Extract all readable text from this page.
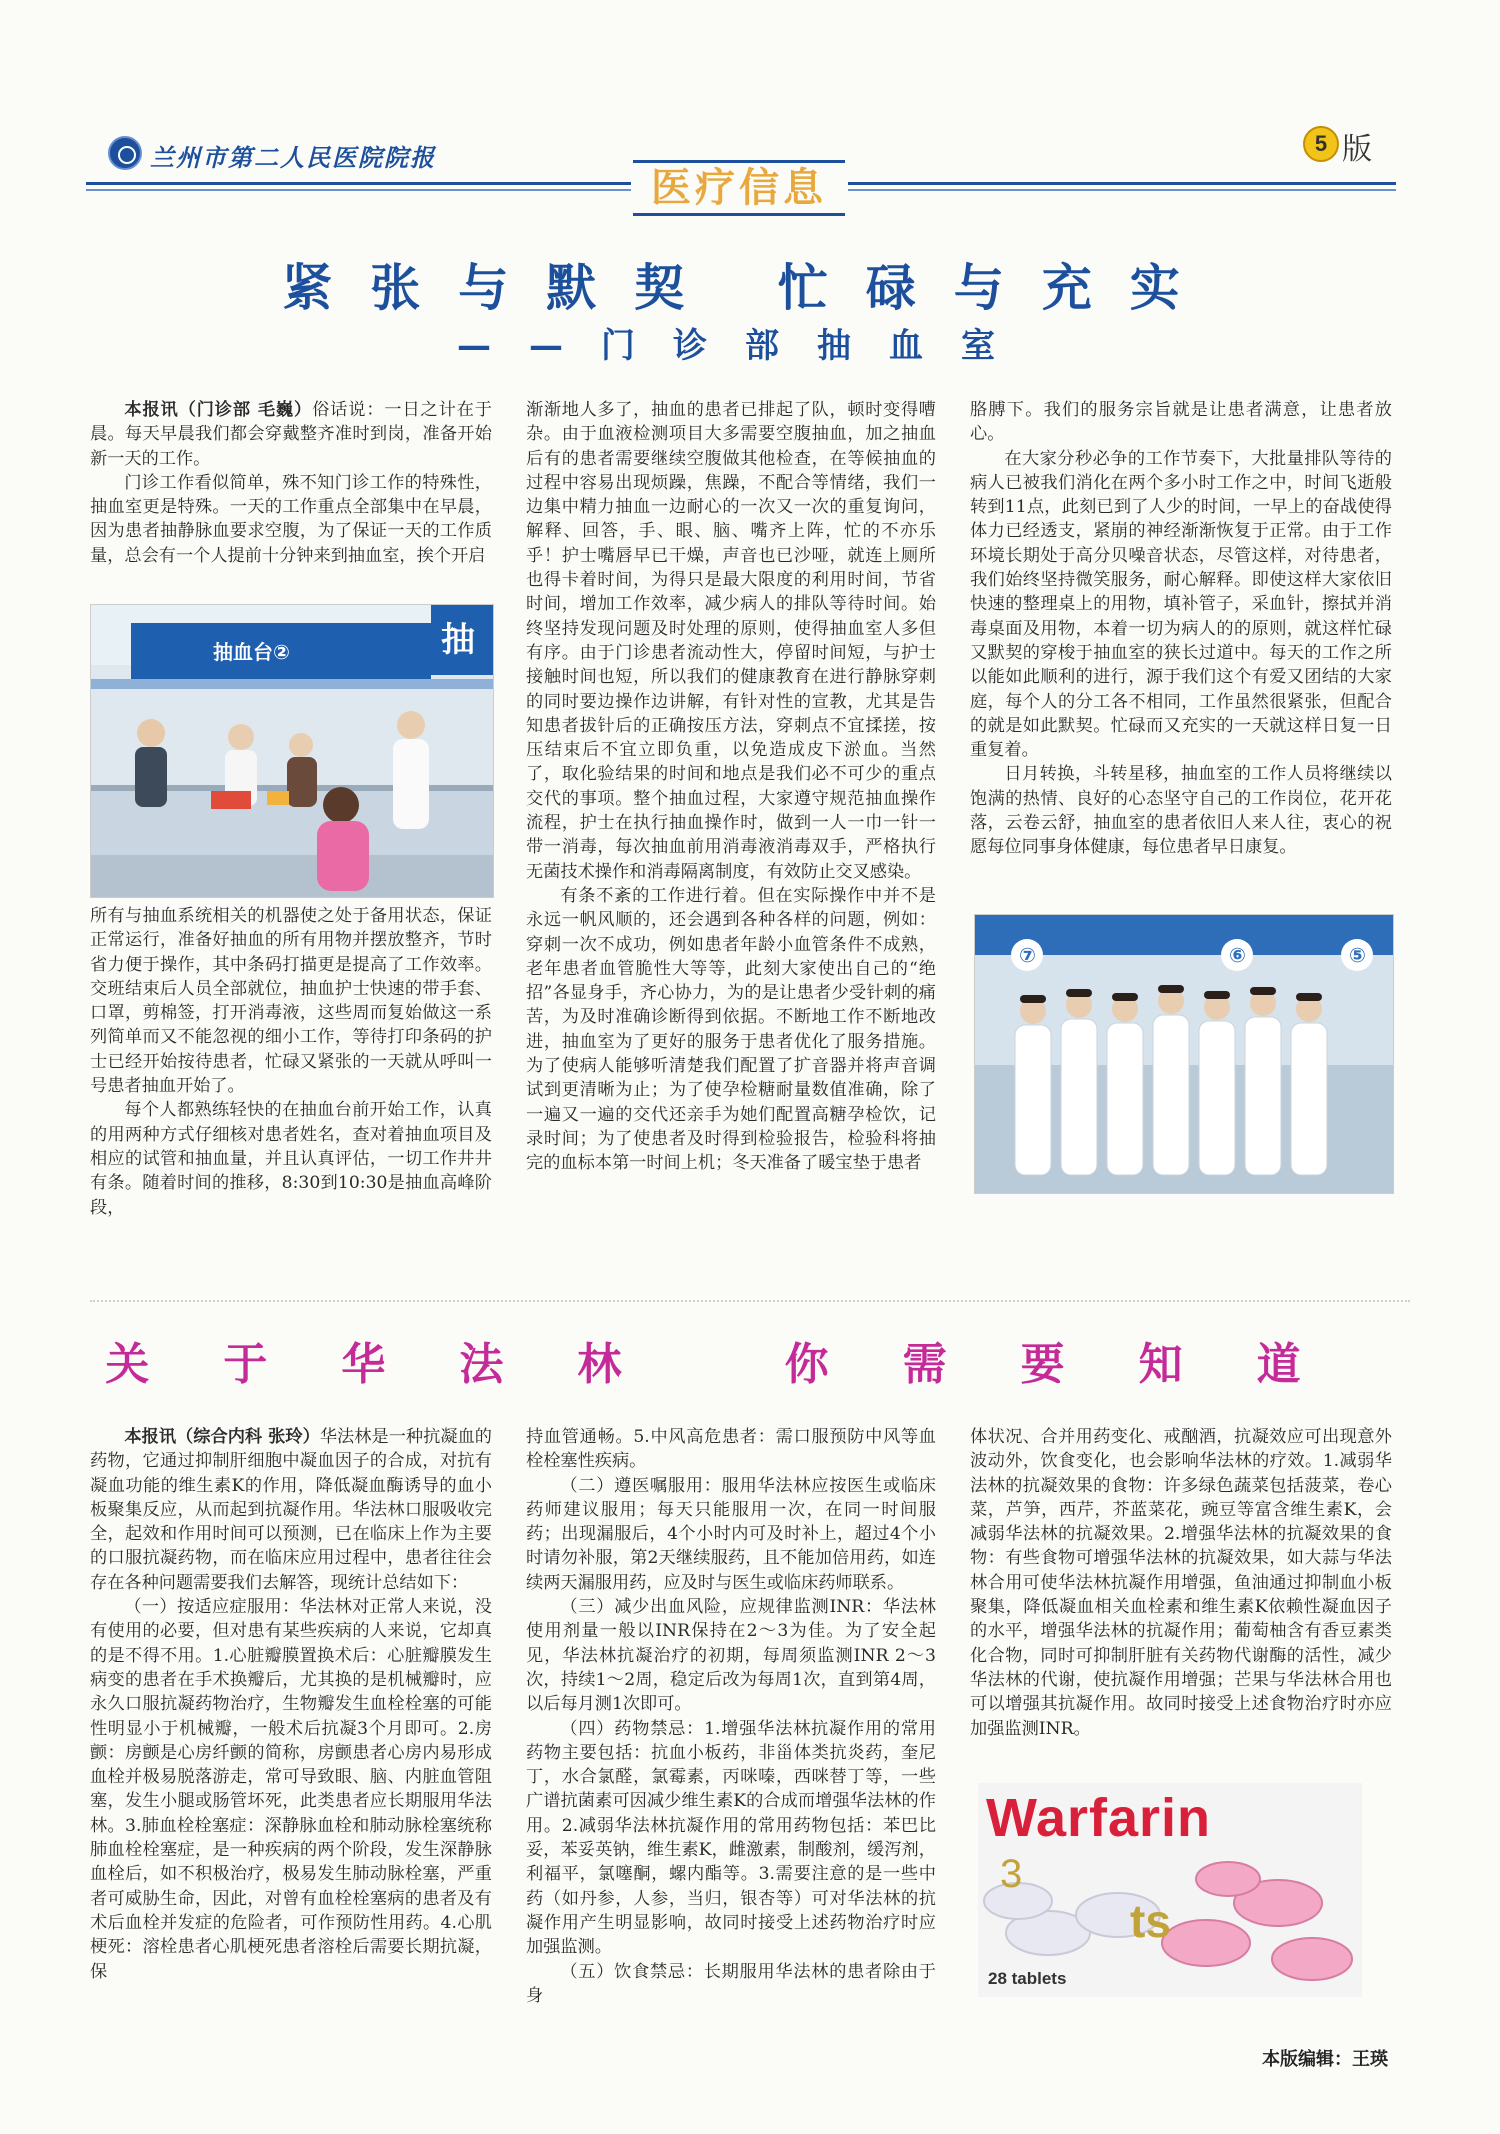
兰州市第二人民医院院报	5 版
医疗信息
紧张与默契 忙碌与充实
——门诊部抽血室

本报讯（门诊部 毛巍）俗话说：一日之计在于晨。每天早晨我们都会穿戴整齐准时到岗，准备开始新一天的工作。

门诊工作看似简单，殊不知门诊工作的特殊性，抽血室更是特殊。一天的工作重点全部集中在早晨，因为患者抽静脉血要求空腹，为了保证一天的工作质量，总会有一个人提前十分钟来到抽血室，挨个开启

抽血台②	抽

所有与抽血系统相关的机器使之处于备用状态，保证正常运行，准备好抽血的所有用物并摆放整齐，节时省力便于操作，其中条码打描更是提高了工作效率。交班结束后人员全部就位，抽血护士快速的带手套、口罩，剪棉签，打开消毒液，这些周而复始做这一系列简单而又不能忽视的细小工作，等待打印条码的护士已经开始按待患者，忙碌又紧张的一天就从呼叫一号患者抽血开始了。

每个人都熟练轻快的在抽血台前开始工作，认真的用两种方式仔细核对患者姓名，查对着抽血项目及相应的试管和抽血量，并且认真评估，一切工作井井有条。随着时间的推移，8:30到10:30是抽血高峰阶段，

渐渐地人多了，抽血的患者已排起了队，顿时变得嘈杂。由于血液检测项目大多需要空腹抽血，加之抽血后有的患者需要继续空腹做其他检查，在等候抽血的过程中容易出现烦躁，焦躁，不配合等情绪，我们一边集中精力抽血一边耐心的一次又一次的重复询问，解释、回答，手、眼、脑、嘴齐上阵，忙的不亦乐乎！护士嘴唇早已干燥，声音也已沙哑，就连上厕所也得卡着时间，为得只是最大限度的利用时间，节省时间，增加工作效率，减少病人的排队等待时间。始终坚持发现问题及时处理的原则，使得抽血室人多但有序。由于门诊患者流动性大，停留时间短，与护士接触时间也短，所以我们的健康教育在进行静脉穿刺的同时要边操作边讲解，有针对性的宣教，尤其是告知患者拔针后的正确按压方法，穿刺点不宜揉搓，按压结束后不宜立即负重，以免造成皮下淤血。当然了，取化验结果的时间和地点是我们必不可少的重点交代的事项。整个抽血过程，大家遵守规范抽血操作流程，护士在执行抽血操作时，做到一人一巾一针一带一消毒，每次抽血前用消毒液消毒双手，严格执行无菌技术操作和消毒隔离制度，有效防止交叉感染。

有条不紊的工作进行着。但在实际操作中并不是永远一帆风顺的，还会遇到各种各样的问题，例如：穿刺一次不成功，例如患者年龄小血管条件不成熟，老年患者血管脆性大等等，此刻大家使出自己的“绝招”各显身手，齐心协力，为的是让患者少受针刺的痛苦，为及时准确诊断得到依据。不断地工作不断地改进，抽血室为了更好的服务于患者优化了服务措施。为了使病人能够听清楚我们配置了扩音器并将声音调试到更清晰为止；为了使孕检糖耐量数值准确，除了一遍又一遍的交代还亲手为她们配置高糖孕检饮，记录时间；为了使患者及时得到检验报告，检验科将抽完的血标本第一时间上机；冬天准备了暖宝垫于患者

胳膊下。我们的服务宗旨就是让患者满意，让患者放心。

在大家分秒必争的工作节奏下，大批量排队等待的病人已被我们消化在两个多小时工作之中，时间飞逝般转到11点，此刻已到了人少的时间，一早上的奋战使得体力已经透支，紧崩的神经渐渐恢复于正常。由于工作环境长期处于高分贝噪音状态，尽管这样，对待患者，我们始终坚持微笑服务，耐心解释。即使这样大家依旧快速的整理桌上的用物，填补管子，采血针，擦拭并消毒桌面及用物，本着一切为病人的的原则，就这样忙碌又默契的穿梭于抽血室的狭长过道中。每天的工作之所以能如此顺利的进行，源于我们这个有爱又团结的大家庭，每个人的分工各不相同，工作虽然很紧张，但配合的就是如此默契。忙碌而又充实的一天就这样日复一日重复着。

日月转换，斗转星移，抽血室的工作人员将继续以饱满的热情、良好的心态坚守自己的工作岗位，花开花落，云卷云舒，抽血室的患者依旧人来人往，衷心的祝愿每位同事身体健康，每位患者早日康复。

⑦	⑥	⑤
关于华法林 你需要知道

本报讯（综合内科 张玲）华法林是一种抗凝血的药物，它通过抑制肝细胞中凝血因子的合成，对抗有凝血功能的维生素K的作用，降低凝血酶诱导的血小板聚集反应，从而起到抗凝作用。华法林口服吸收完全，起效和作用时间可以预测，已在临床上作为主要的口服抗凝药物，而在临床应用过程中，患者往往会存在各种问题需要我们去解答，现统计总结如下：

（一）按适应症服用：华法林对正常人来说，没有使用的必要，但对患有某些疾病的人来说，它却真的是不得不用。1.心脏瓣膜置换术后：心脏瓣膜发生病变的患者在手术换瓣后，尤其换的是机械瓣时，应永久口服抗凝药物治疗，生物瓣发生血栓栓塞的可能性明显小于机械瓣，一般术后抗凝3个月即可。2.房颤：房颤是心房纤颤的简称，房颤患者心房内易形成血栓并极易脱落游走，常可导致眼、脑、内脏血管阻塞，发生小腿或肠管坏死，此类患者应长期服用华法林。3.肺血栓栓塞症：深静脉血栓和肺动脉栓塞统称肺血栓栓塞症，是一种疾病的两个阶段，发生深静脉血栓后，如不积极治疗，极易发生肺动脉栓塞，严重者可威胁生命，因此，对曾有血栓栓塞病的患者及有术后血栓并发症的危险者，可作预防性用药。4.心肌梗死：溶栓患者心肌梗死患者溶栓后需要长期抗凝，保

持血管通畅。5.中风高危患者：需口服预防中风等血栓栓塞性疾病。

（二）遵医嘱服用：服用华法林应按医生或临床药师建议服用；每天只能服用一次，在同一时间服药；出现漏服后，4个小时内可及时补上，超过4个小时请勿补服，第2天继续服药，且不能加倍用药，如连续两天漏服用药，应及时与医生或临床药师联系。

（三）减少出血风险，应规律监测INR：华法林使用剂量一般以INR保持在2～3为佳。为了安全起见，华法林抗凝治疗的初期，每周须监测INR 2～3次，持续1～2周，稳定后改为每周1次，直到第4周，以后每月测1次即可。

（四）药物禁忌：1.增强华法林抗凝作用的常用药物主要包括：抗血小板药，非甾体类抗炎药，奎尼丁，水合氯醛，氯霉素，丙咪嗪，西咪替丁等，一些广谱抗菌素可因减少维生素K的合成而增强华法林的作用。2.减弱华法林抗凝作用的常用药物包括：苯巴比妥，苯妥英钠，维生素K，雌激素，制酸剂，缓泻剂，利福平，氯噻酮，螺内酯等。3.需要注意的是一些中药（如丹参，人参，当归，银杏等）可对华法林的抗凝作用产生明显影响，故同时接受上述药物治疗时应加强监测。

（五）饮食禁忌：长期服用华法林的患者除由于身

体状况、合并用药变化、戒酗酒，抗凝效应可出现意外波动外，饮食变化，也会影响华法林的疗效。1.减弱华法林的抗凝效果的食物：许多绿色蔬菜包括菠菜，卷心菜，芦笋，西芹，芥蓝菜花，豌豆等富含维生素K，会减弱华法林的抗凝效果。2.增强华法林的抗凝效果的食物：有些食物可增强华法林的抗凝效果，如大蒜与华法林合用可使华法林抗凝作用增强，鱼油通过抑制血小板聚集，降低凝血相关血栓素和维生素K依赖性凝血因子的水平，增强华法林的抗凝作用；葡萄柚含有香豆素类化合物，同时可抑制肝脏有关药物代谢酶的活性，减少华法林的代谢，使抗凝作用增强；芒果与华法林合用也可以增强其抗凝作用。故同时接受上述食物治疗时亦应加强监测INR。

3
ts
Warfarin
28 tablets
本版编辑：王瑛
